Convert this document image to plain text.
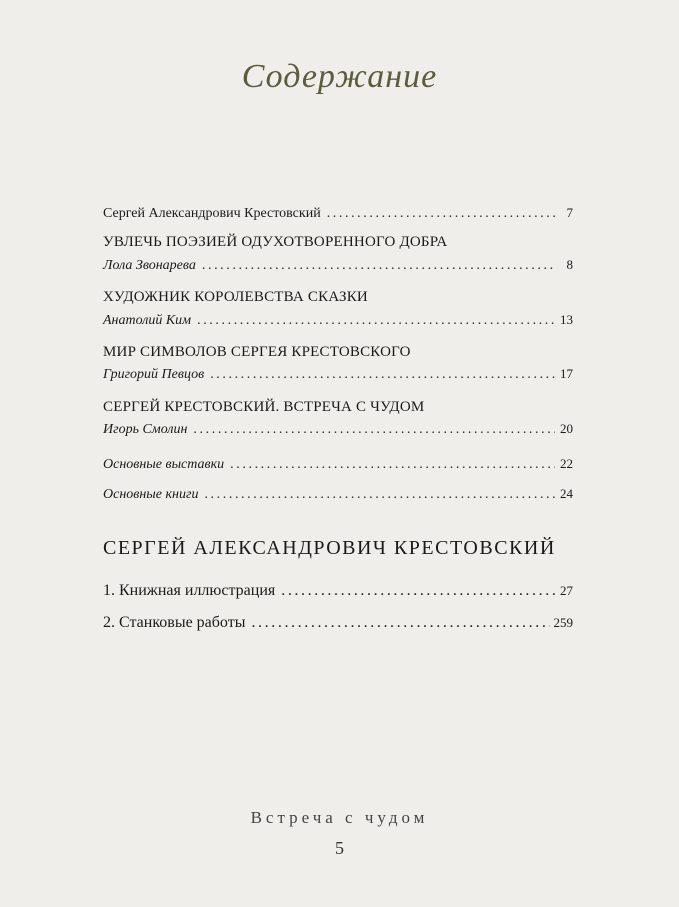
Содержание
Сергей Александрович Крестовский .....	7
УВЛЕЧЬ ПОЭЗИЕЙ ОДУХОТВОРЕННОГО ДОБРА
Лола Звонарева .....	8
ХУДОЖНИК КОРОЛЕВСТВА СКАЗКИ
Анатолий Ким .....	13
МИР СИМВОЛОВ СЕРГЕЯ КРЕСТОВСКОГО
Григорий Певцов .....	17
СЕРГЕЙ КРЕСТОВСКИЙ. ВСТРЕЧА С ЧУДОМ
Игорь Смолин .....	20
Основные выставки .....	22
Основные книги .....	24
1. Книжная иллюстрация .....	27
2. Станковые работы .....	259
СЕРГЕЙ АЛЕКСАНДРОВИЧ КРЕСТОВСКИЙ
Встреча с чудом
5
